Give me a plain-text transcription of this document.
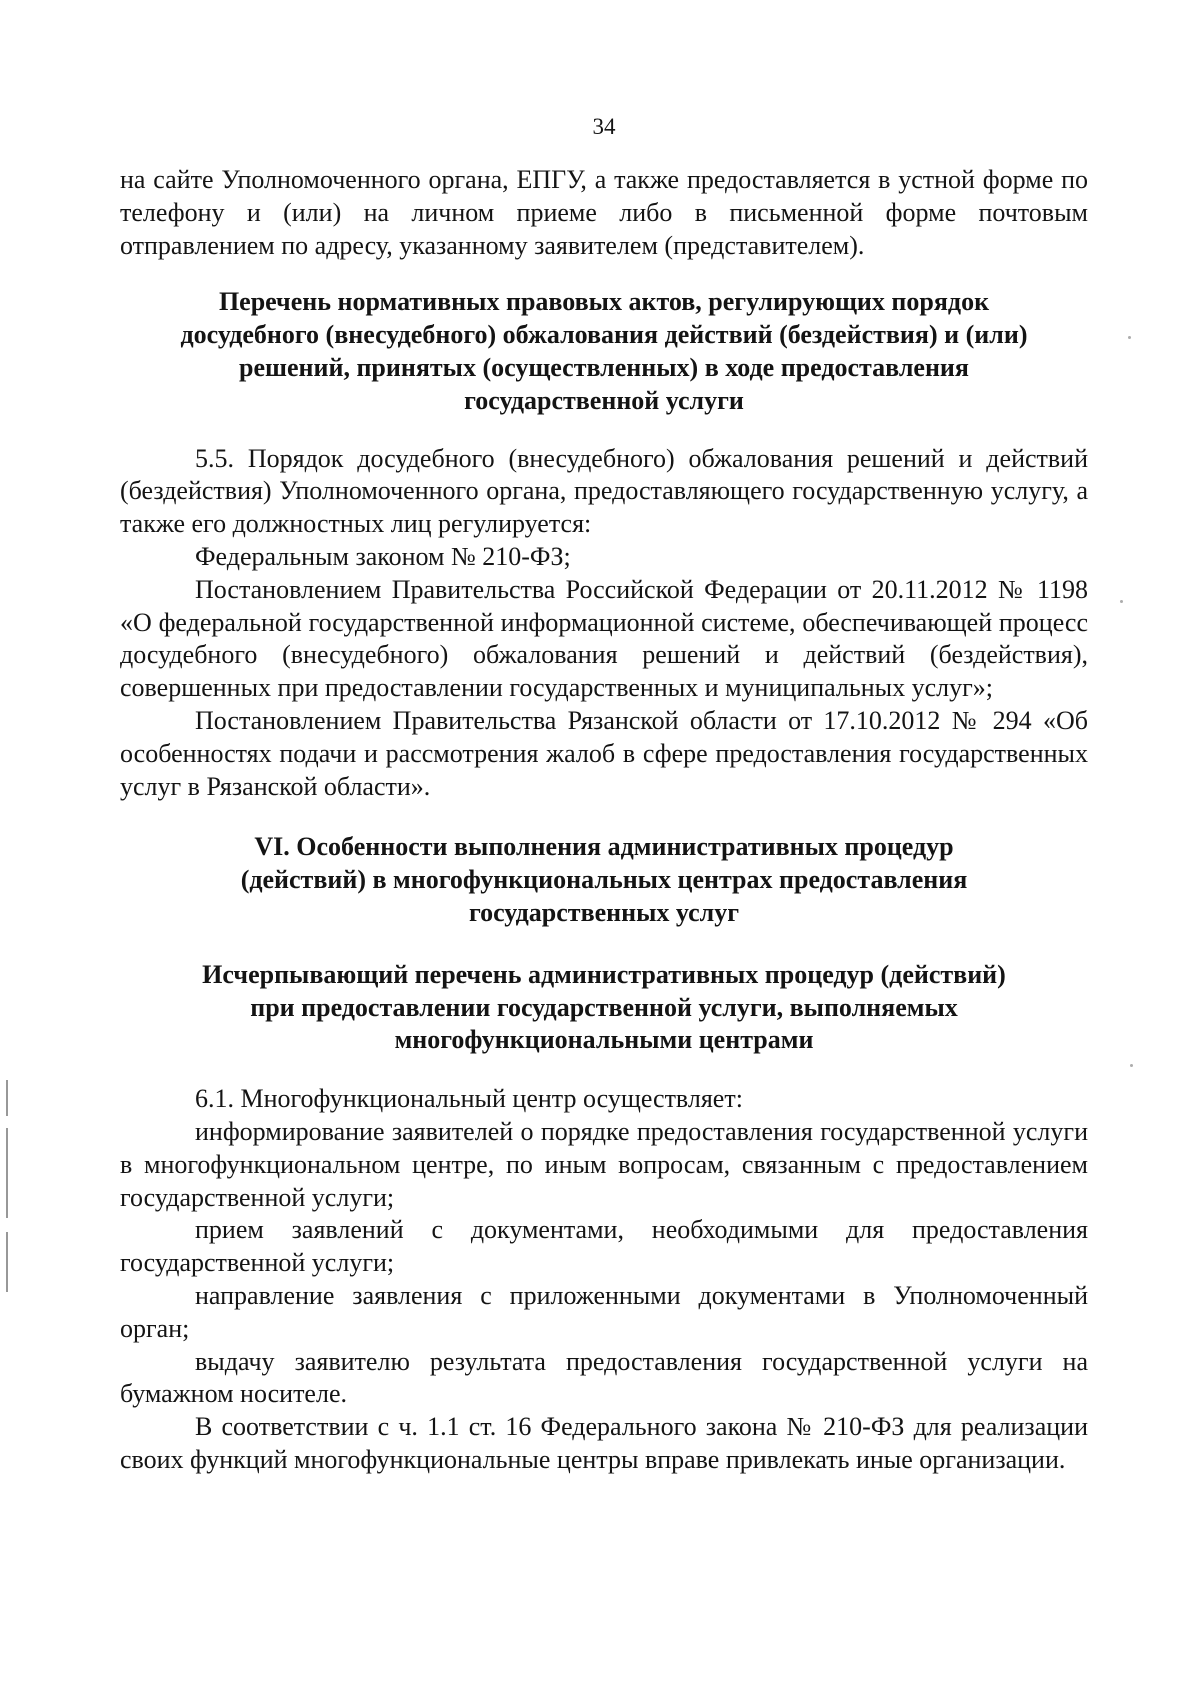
34

на сайте Уполномоченного органа, ЕПГУ, а также предоставляется в устной форме по телефону и (или) на личном приеме либо в письменной форме почтовым отправлением по адресу, указанному заявителем (представителем).

Перечень нормативных правовых актов, регулирующих порядок
досудебного (внесудебного) обжалования действий (бездействия) и (или)
решений, принятых (осуществленных) в ходе предоставления
государственной услуги

5.5. Порядок досудебного (внесудебного) обжалования решений и действий (бездействия) Уполномоченного органа, предоставляющего государственную услугу, а также его должностных лиц регулируется:

Федеральным законом № 210-ФЗ;

Постановлением Правительства Российской Федерации от 20.11.2012 № 1198 «О федеральной государственной информационной системе, обеспечивающей процесс досудебного (внесудебного) обжалования решений и действий (бездействия), совершенных при предоставлении государственных и муниципальных услуг»;

Постановлением Правительства Рязанской области от 17.10.2012 № 294 «Об особенностях подачи и рассмотрения жалоб в сфере предоставления государственных услуг в Рязанской области».

VI. Особенности выполнения административных процедур
(действий) в многофункциональных центрах предоставления
государственных услуг
Исчерпывающий перечень административных процедур (действий)
при предоставлении государственной услуги, выполняемых
многофункциональными центрами

6.1. Многофункциональный центр осуществляет:

информирование заявителей о порядке предоставления государственной услуги в многофункциональном центре, по иным вопросам, связанным с предоставлением государственной услуги;

прием заявлений с документами, необходимыми для предоставления государственной услуги;

направление заявления с приложенными документами в Уполномоченный орган;

выдачу заявителю результата предоставления государственной услуги на бумажном носителе.

В соответствии с ч. 1.1 ст. 16 Федерального закона № 210-ФЗ для реализации своих функций многофункциональные центры вправе привлекать иные организации.
